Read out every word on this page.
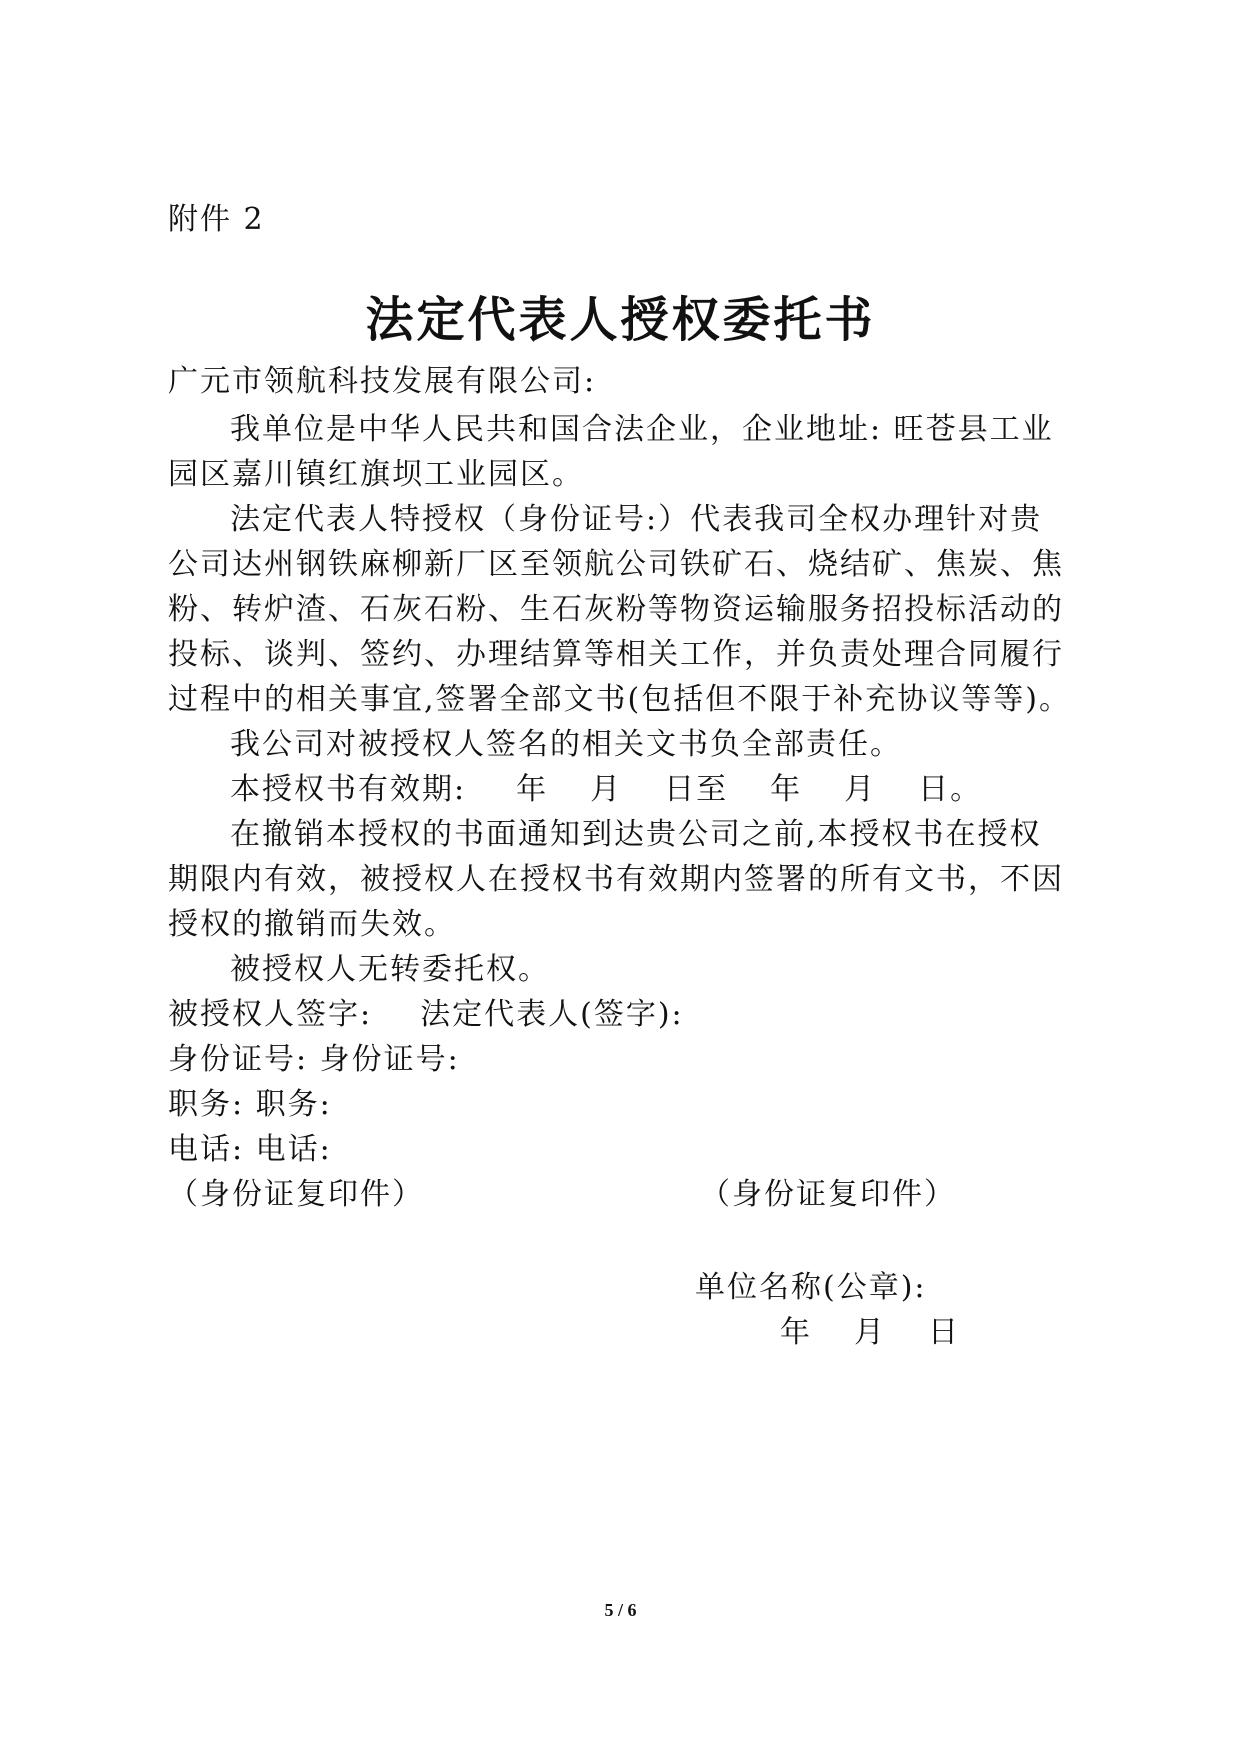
附件 2
法定代表人授权委托书
广元市领航科技发展有限公司:
我单位是中华人民共和国合法企业，企业地址: 旺苍县工业
园区嘉川镇红旗坝工业园区。
法定代表人特授权（身份证号:）代表我司全权办理针对贵
公司达州钢铁麻柳新厂区至领航公司铁矿石、烧结矿、焦炭、焦
粉、转炉渣、石灰石粉、生石灰粉等物资运输服务招投标活动的
投标、谈判、签约、办理结算等相关工作，并负责处理合同履行
过程中的相关事宜,签署全部文书(包括但不限于补充协议等等)。
我公司对被授权人签名的相关文书负全部责任。
本授权书有效期: 年 月 日至 年 月 日。
在撤销本授权的书面通知到达贵公司之前,本授权书在授权
期限内有效，被授权人在授权书有效期内签署的所有文书，不因
授权的撤销而失效。
被授权人无转委托权。
被授权人签字: 法定代表人(签字):
身份证号: 身份证号:
职务: 职务:
电话: 电话:
（身份证复印件）	（身份证复印件）
单位名称(公章):
年 月 日
5 / 6
